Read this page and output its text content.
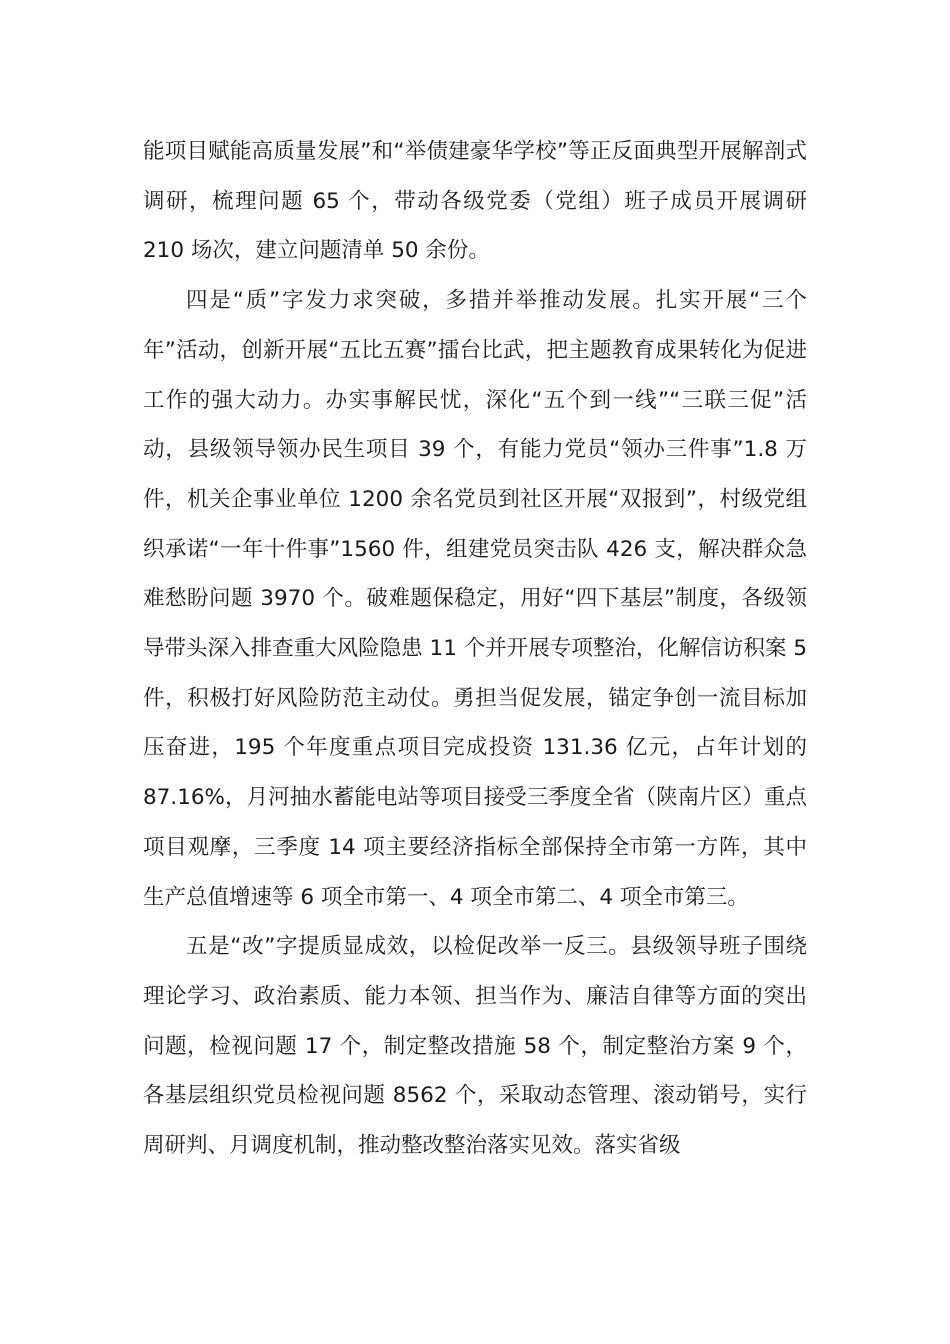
能项目赋能高质量发展”和“举债建豪华学校”等正反面典型开展解剖式调研，梳理问题 65 个，带动各级党委（党组）班子成员开展调研 210 场次，建立问题清单 50 余份。

四是“质”字发力求突破，多措并举推动发展。扎实开展“三个年”活动，创新开展“五比五赛”擂台比武，把主题教育成果转化为促进工作的强大动力。办实事解民忧，深化“五个到一线”“三联三促”活动，县级领导领办民生项目 39 个，有能力党员“领办三件事”1.8 万件，机关企事业单位 1200 余名党员到社区开展“双报到”，村级党组织承诺“一年十件事”1560 件，组建党员突击队 426 支，解决群众急难愁盼问题 3970 个。破难题保稳定，用好“四下基层”制度，各级领导带头深入排查重大风险隐患 11 个并开展专项整治，化解信访积案 5 件，积极打好风险防范主动仗。勇担当促发展，锚定争创一流目标加压奋进，195 个年度重点项目完成投资 131.36 亿元，占年计划的 87.16%，月河抽水蓄能电站等项目接受三季度全省（陕南片区）重点项目观摩，三季度 14 项主要经济指标全部保持全市第一方阵，其中生产总值增速等 6 项全市第一、4 项全市第二、4 项全市第三。

五是“改”字提质显成效，以检促改举一反三。县级领导班子围绕理论学习、政治素质、能力本领、担当作为、廉洁自律等方面的突出问题，检视问题 17 个，制定整改措施 58 个，制定整治方案 9 个，各基层组织党员检视问题 8562 个，采取动态管理、滚动销号，实行周研判、月调度机制，推动整改整治落实见效。落实省级
